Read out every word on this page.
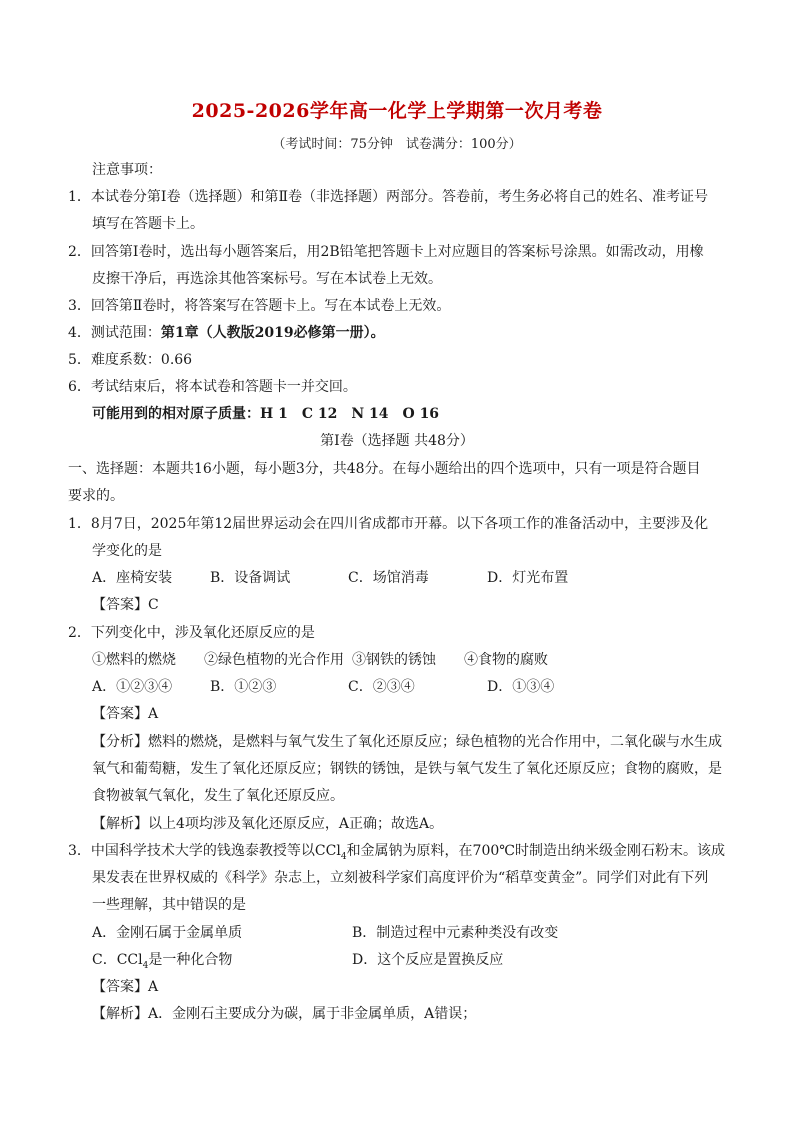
2025-2026学年高一化学上学期第一次月考卷
（考试时间：75分钟　试卷满分：100分）
注意事项：
1．本试卷分第Ⅰ卷（选择题）和第Ⅱ卷（非选择题）两部分。答卷前，考生务必将自己的姓名、准考证号
填写在答题卡上。
2．回答第Ⅰ卷时，选出每小题答案后，用2B铅笔把答题卡上对应题目的答案标号涂黑。如需改动，用橡
皮擦干净后，再选涂其他答案标号。写在本试卷上无效。
3．回答第Ⅱ卷时，将答案写在答题卡上。写在本试卷上无效。
4．测试范围：第1章（人教版2019必修第一册）。
5．难度系数：0.66
6．考试结束后，将本试卷和答题卡一并交回。
可能用到的相对原子质量：H 1　C 12　N 14　O 16
第Ⅰ卷（选择题 共48分）
一、选择题：本题共16小题，每小题3分，共48分。在每小题给出的四个选项中，只有一项是符合题目
要求的。
1．8月7日，2025年第12届世界运动会在四川省成都市开幕。以下各项工作的准备活动中，主要涉及化
学变化的是
A．座椅安装	B．设备调试	C．场馆消毒	D．灯光布置
【答案】C
2．下列变化中，涉及氧化还原反应的是
①燃料的燃烧 ②绿色植物的光合作用 ③钢铁的锈蚀 ④食物的腐败
A．①②③④	B．①②③	C．②③④	D．①③④
【答案】A
【分析】燃料的燃烧，是燃料与氧气发生了氧化还原反应；绿色植物的光合作用中，二氧化碳与水生成
氧气和葡萄糖，发生了氧化还原反应；钢铁的锈蚀，是铁与氧气发生了氧化还原反应；食物的腐败，是
食物被氧气氧化，发生了氧化还原反应。
【解析】以上4项均涉及氧化还原反应，A正确；故选A。
3．中国科学技术大学的钱逸泰教授等以CCl$_4$和金属钠为原料，在700℃时制造出纳米级金刚石粉末。该成
果发表在世界权威的《科学》杂志上，立刻被科学家们高度评价为“稻草变黄金”。同学们对此有下列
一些理解，其中错误的是
A．金刚石属于金属单质	B．制造过程中元素种类没有改变
C．CCl$_4$是一种化合物	D．这个反应是置换反应
【答案】A
【解析】A．金刚石主要成分为碳，属于非金属单质，A错误；
